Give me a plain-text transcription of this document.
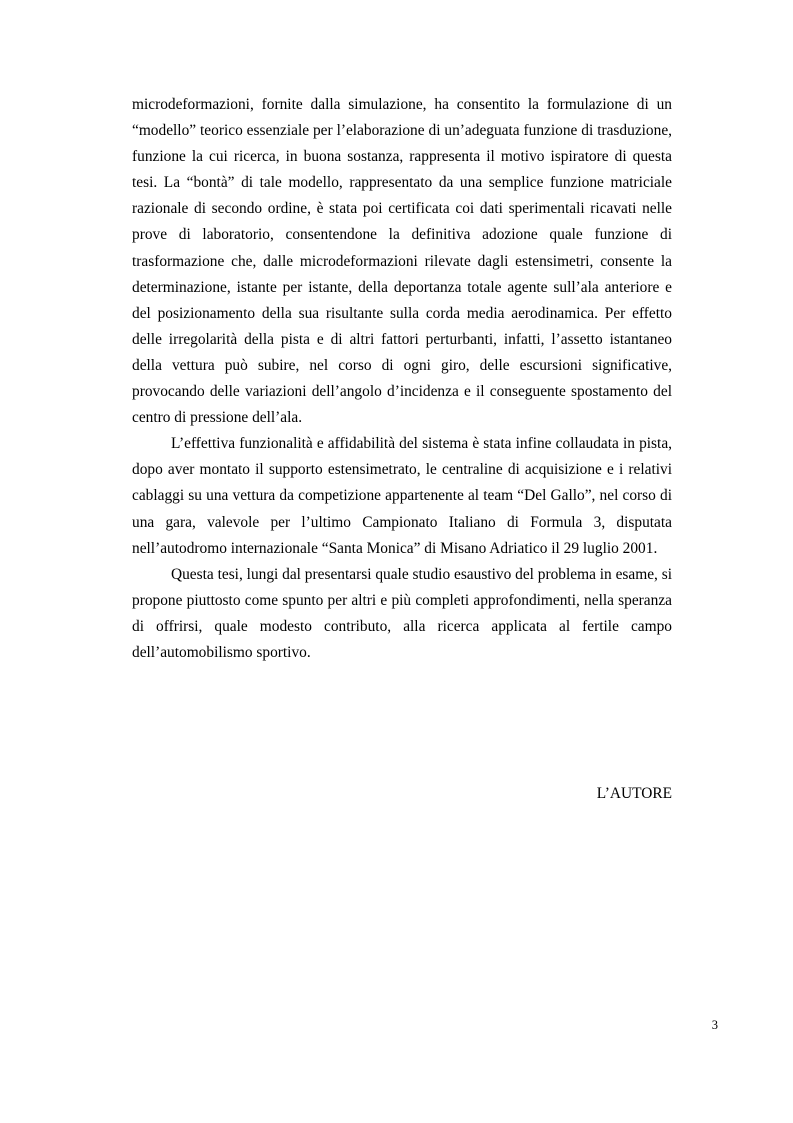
microdeformazioni, fornite dalla simulazione, ha consentito la formulazione di un “modello” teorico essenziale per l’elaborazione di un’adeguata funzione di trasduzione, funzione la cui ricerca, in buona sostanza, rappresenta il motivo ispiratore di questa tesi. La “bontà” di tale modello, rappresentato da una semplice funzione matriciale razionale di secondo ordine, è stata poi certificata coi dati sperimentali ricavati nelle prove di laboratorio, consentendone la definitiva adozione quale funzione di trasformazione che, dalle microdeformazioni rilevate dagli estensimetri, consente la determinazione, istante per istante, della deportanza totale agente sull’ala anteriore e del posizionamento della sua risultante sulla corda media aerodinamica. Per effetto delle irregolarità della pista e di altri fattori perturbanti, infatti, l’assetto istantaneo della vettura può subire, nel corso di ogni giro, delle escursioni significative, provocando delle variazioni dell’angolo d’incidenza e il conseguente spostamento del centro di pressione dell’ala.

L’effettiva funzionalità e affidabilità del sistema è stata infine collaudata in pista, dopo aver montato il supporto estensimetrato, le centraline di acquisizione e i relativi cablaggi su una vettura da competizione appartenente al team “Del Gallo”, nel corso di una gara, valevole per l’ultimo Campionato Italiano di Formula 3, disputata nell’autodromo internazionale “Santa Monica” di Misano Adriatico il 29 luglio 2001.

Questa tesi, lungi dal presentarsi quale studio esaustivo del problema in esame, si propone piuttosto come spunto per altri e più completi approfondimenti, nella speranza di offrirsi, quale modesto contributo, alla ricerca applicata al fertile campo dell’automobilismo sportivo.

L’AUTORE
3
